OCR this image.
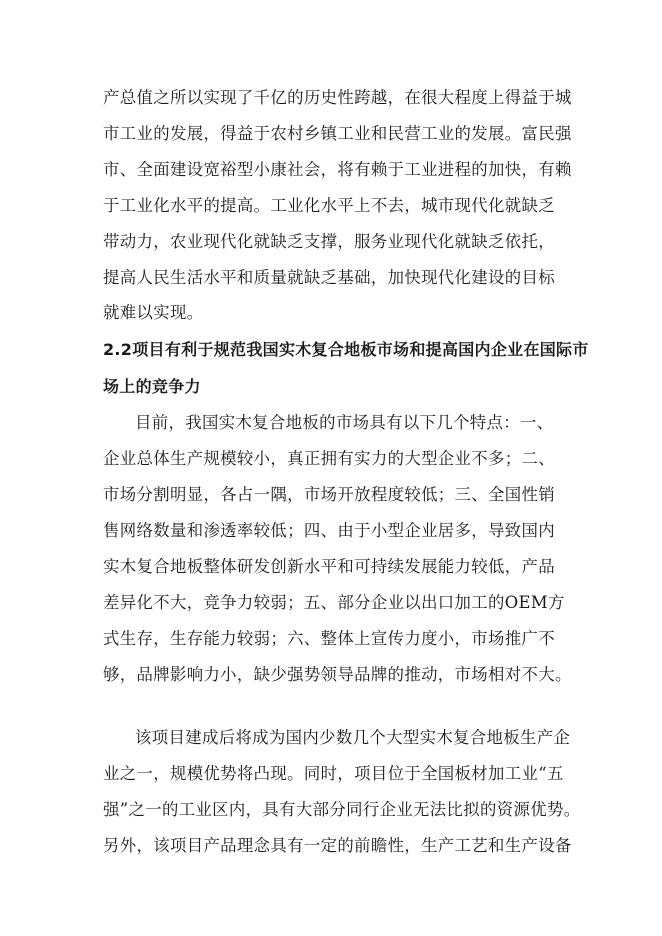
产总值之所以实现了千亿的历史性跨越，在很大程度上得益于城
市工业的发展，得益于农村乡镇工业和民营工业的发展。富民强
市、全面建设宽裕型小康社会，将有赖于工业进程的加快，有赖
于工业化水平的提高。工业化水平上不去，城市现代化就缺乏
带动力，农业现代化就缺乏支撑，服务业现代化就缺乏依托，
提高人民生活水平和质量就缺乏基础，加快现代化建设的目标
就难以实现。
2.2项目有利于规范我国实木复合地板市场和提高国内企业在国际市
场上的竞争力
目前，我国实木复合地板的市场具有以下几个特点：一、
企业总体生产规模较小，真正拥有实力的大型企业不多；二、
市场分割明显，各占一隅，市场开放程度较低；三、全国性销
售网络数量和渗透率较低；四、由于小型企业居多，导致国内
实木复合地板整体研发创新水平和可持续发展能力较低，产品
差异化不大，竞争力较弱；五、部分企业以出口加工的OEM方
式生存，生存能力较弱；六、整体上宣传力度小，市场推广不
够，品牌影响力小，缺少强势领导品牌的推动，市场相对不大。
该项目建成后将成为国内少数几个大型实木复合地板生产企
业之一，规模优势将凸现。同时，项目位于全国板材加工业“五
强”之一的工业区内，具有大部分同行企业无法比拟的资源优势。
另外，该项目产品理念具有一定的前瞻性，生产工艺和生产设备
